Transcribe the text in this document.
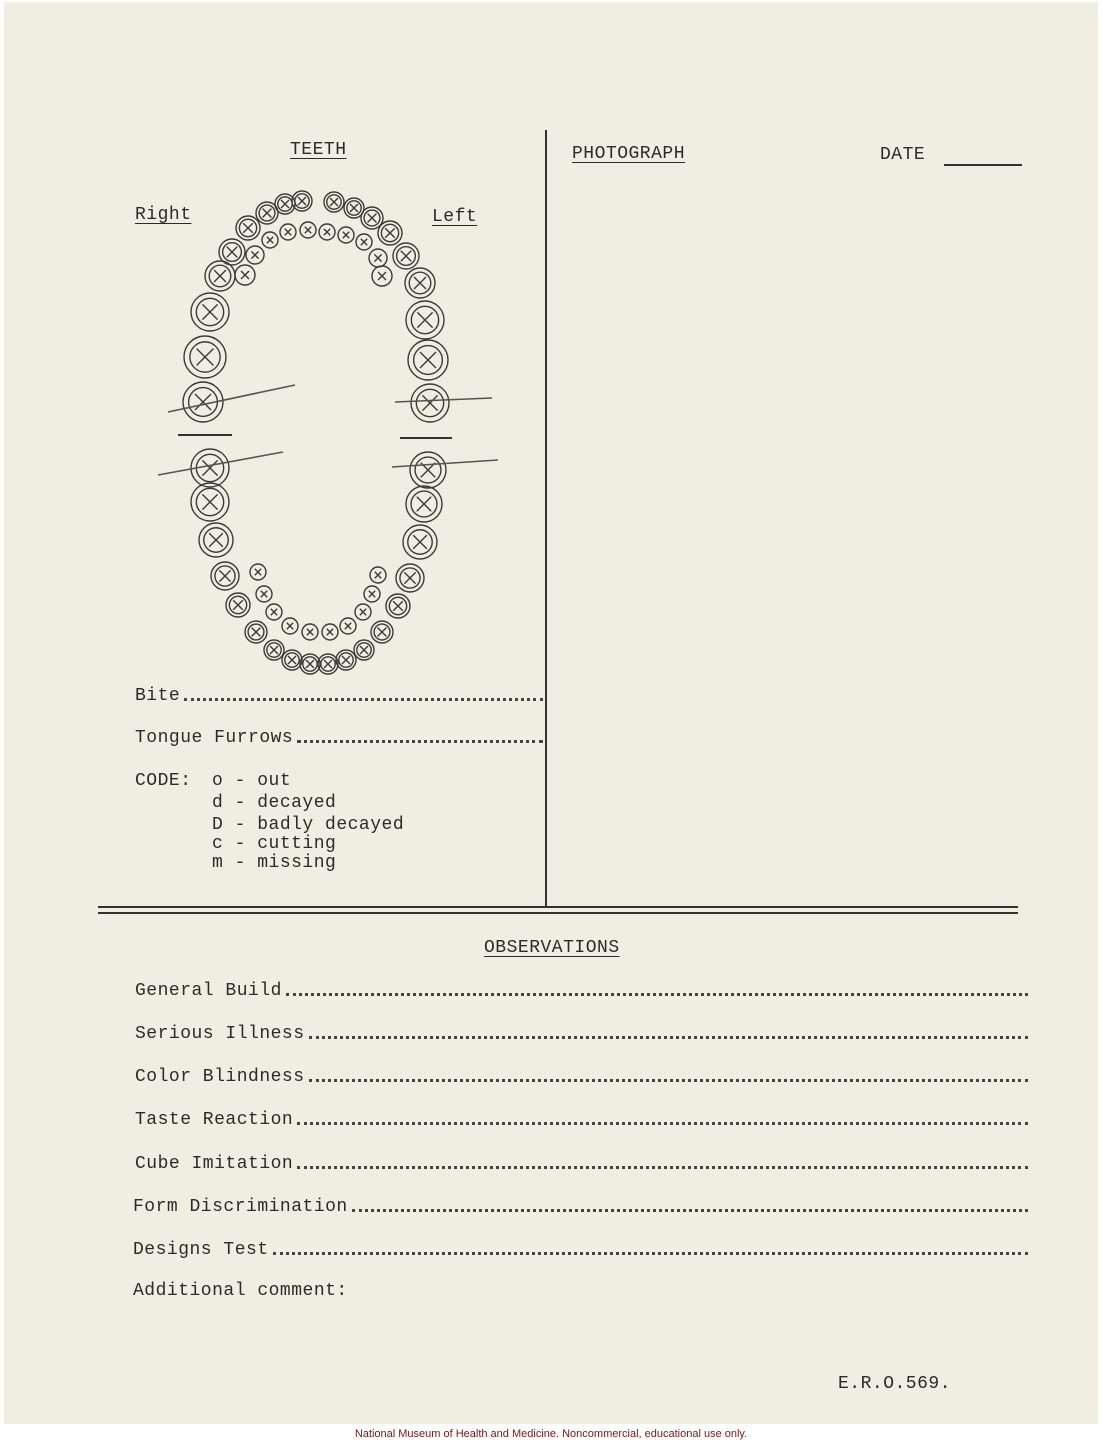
TEETH
Right	Left
PHOTOGRAPH	DATE
Bite
Tongue Furrows
CODE: o - out
d - decayed
D - badly decayed
c - cutting
m - missing
OBSERVATIONS
General Build
Serious Illness
Color Blindness
Taste Reaction
Cube Imitation
Form Discrimination
Designs Test
Additional comment:
E.R.O.569.
National Museum of Health and Medicine. Noncommercial, educational use only.
